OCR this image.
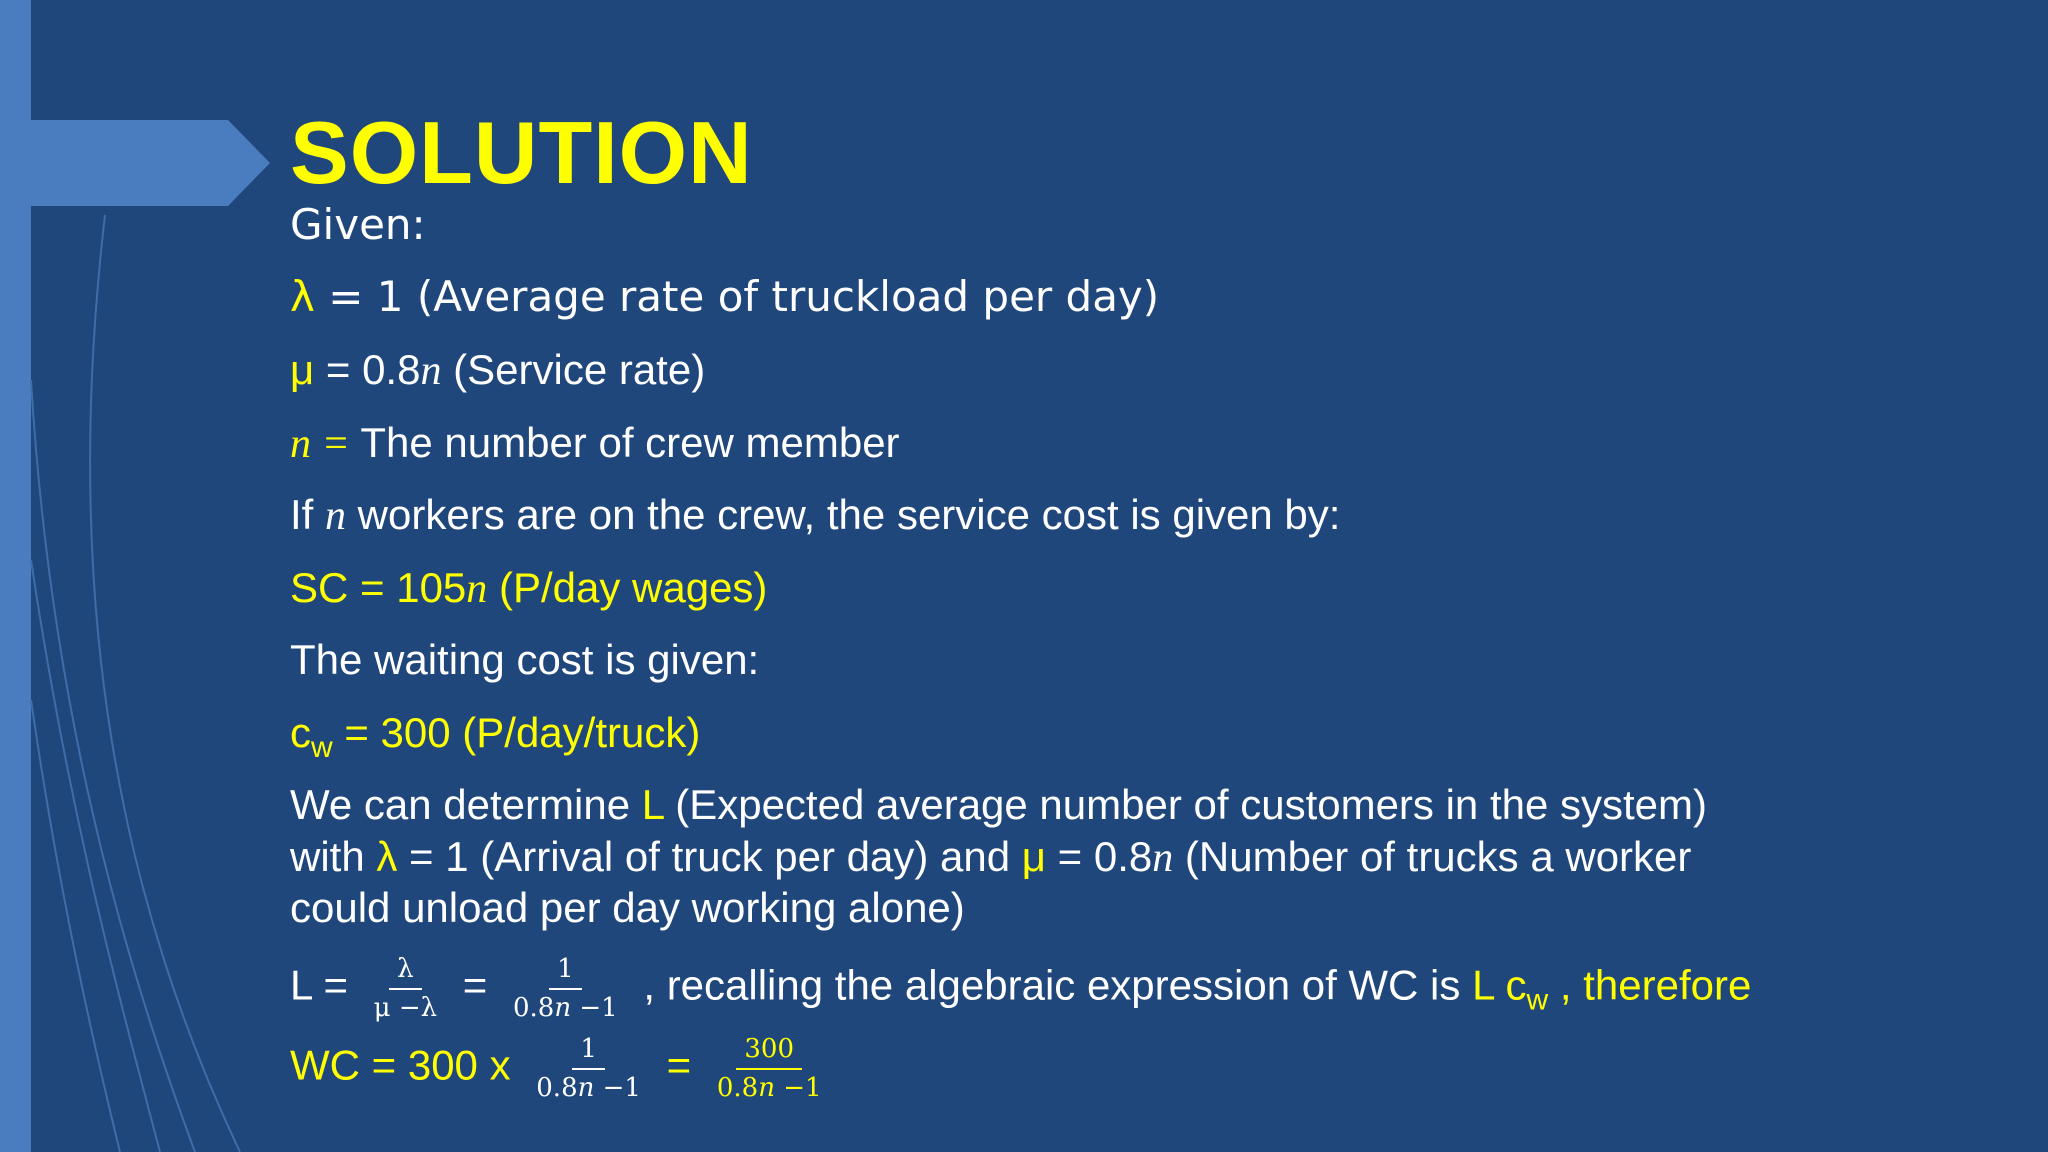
SOLUTION
Given:
λ = 1 (Average rate of truckload per day)
μ = 0.8n (Service rate)
n = The number of crew member
If n workers are on the crew, the service cost is given by:
SC = 105n (P/day wages)
The waiting cost is given:
$c_w = 300$ (P/day/truck)
We can determine L (Expected average number of customers in the system)
with λ = 1 (Arrival of truck per day) and μ = 0.8n (Number of trucks a worker
could unload per day working alone)
$L = \frac{\lambda}{\mu -\lambda} = \frac{1}{0.8n -1}$ , recalling the algebraic expression of WC is L $c_w$ , therefore
WC = 300 x $\frac{1}{0.8n -1} = \frac{300}{0.8n -1}$
